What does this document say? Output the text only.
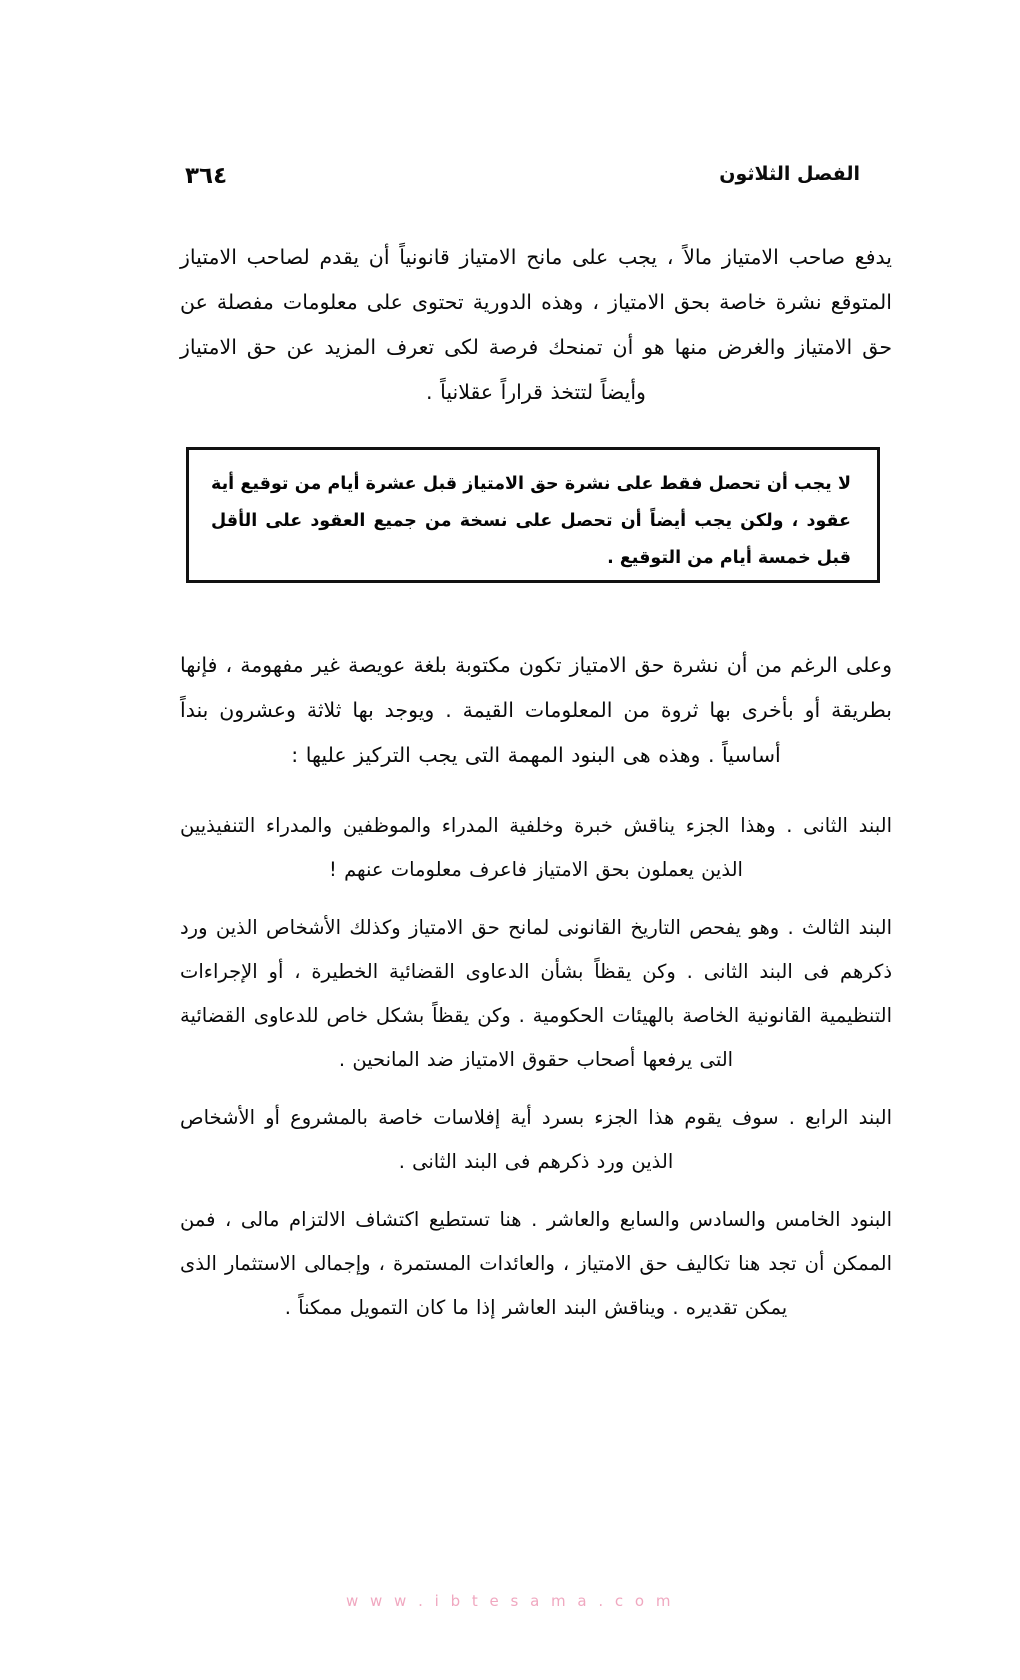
الفصل الثلاثون
٣٦٤

يدفع صاحب الامتياز مالاً ، يجب على مانح الامتياز قانونياً أن يقدم لصاحب الامتياز المتوقع نشرة خاصة بحق الامتياز ، وهذه الدورية تحتوى على معلومات مفصلة عن حق الامتياز والغرض منها هو أن تمنحك فرصة لكى تعرف المزيد عن حق الامتياز وأيضاً لتتخذ قراراً عقلانياً .

لا يجب أن تحصل فقط على نشرة حق الامتياز قبل عشرة أيام من توقيع أية عقود ، ولكن يجب أيضاً أن تحصل على نسخة من جميع العقود على الأقل قبل خمسة أيام من التوقيع .

وعلى الرغم من أن نشرة حق الامتياز تكون مكتوبة بلغة عويصة غير مفهومة ، فإنها بطريقة أو بأخرى بها ثروة من المعلومات القيمة . ويوجد بها ثلاثة وعشرون بنداً أساسياً . وهذه هى البنود المهمة التى يجب التركيز عليها :

البند الثانى . وهذا الجزء يناقش خبرة وخلفية المدراء والموظفين والمدراء التنفيذيين الذين يعملون بحق الامتياز فاعرف معلومات عنهم !

البند الثالث . وهو يفحص التاريخ القانونى لمانح حق الامتياز وكذلك الأشخاص الذين ورد ذكرهم فى البند الثانى . وكن يقظاً بشأن الدعاوى القضائية الخطيرة ، أو الإجراءات التنظيمية القانونية الخاصة بالهيئات الحكومية . وكن يقظاً بشكل خاص للدعاوى القضائية التى يرفعها أصحاب حقوق الامتياز ضد المانحين .

البند الرابع . سوف يقوم هذا الجزء بسرد أية إفلاسات خاصة بالمشروع أو الأشخاص الذين ورد ذكرهم فى البند الثانى .

البنود الخامس والسادس والسابع والعاشر . هنا تستطيع اكتشاف الالتزام مالى ، فمن الممكن أن تجد هنا تكاليف حق الامتياز ، والعائدات المستمرة ، وإجمالى الاستثمار الذى يمكن تقديره . ويناقش البند العاشر إذا ما كان التمويل ممكناً .

w w w . i b t e s a m a . c o m
